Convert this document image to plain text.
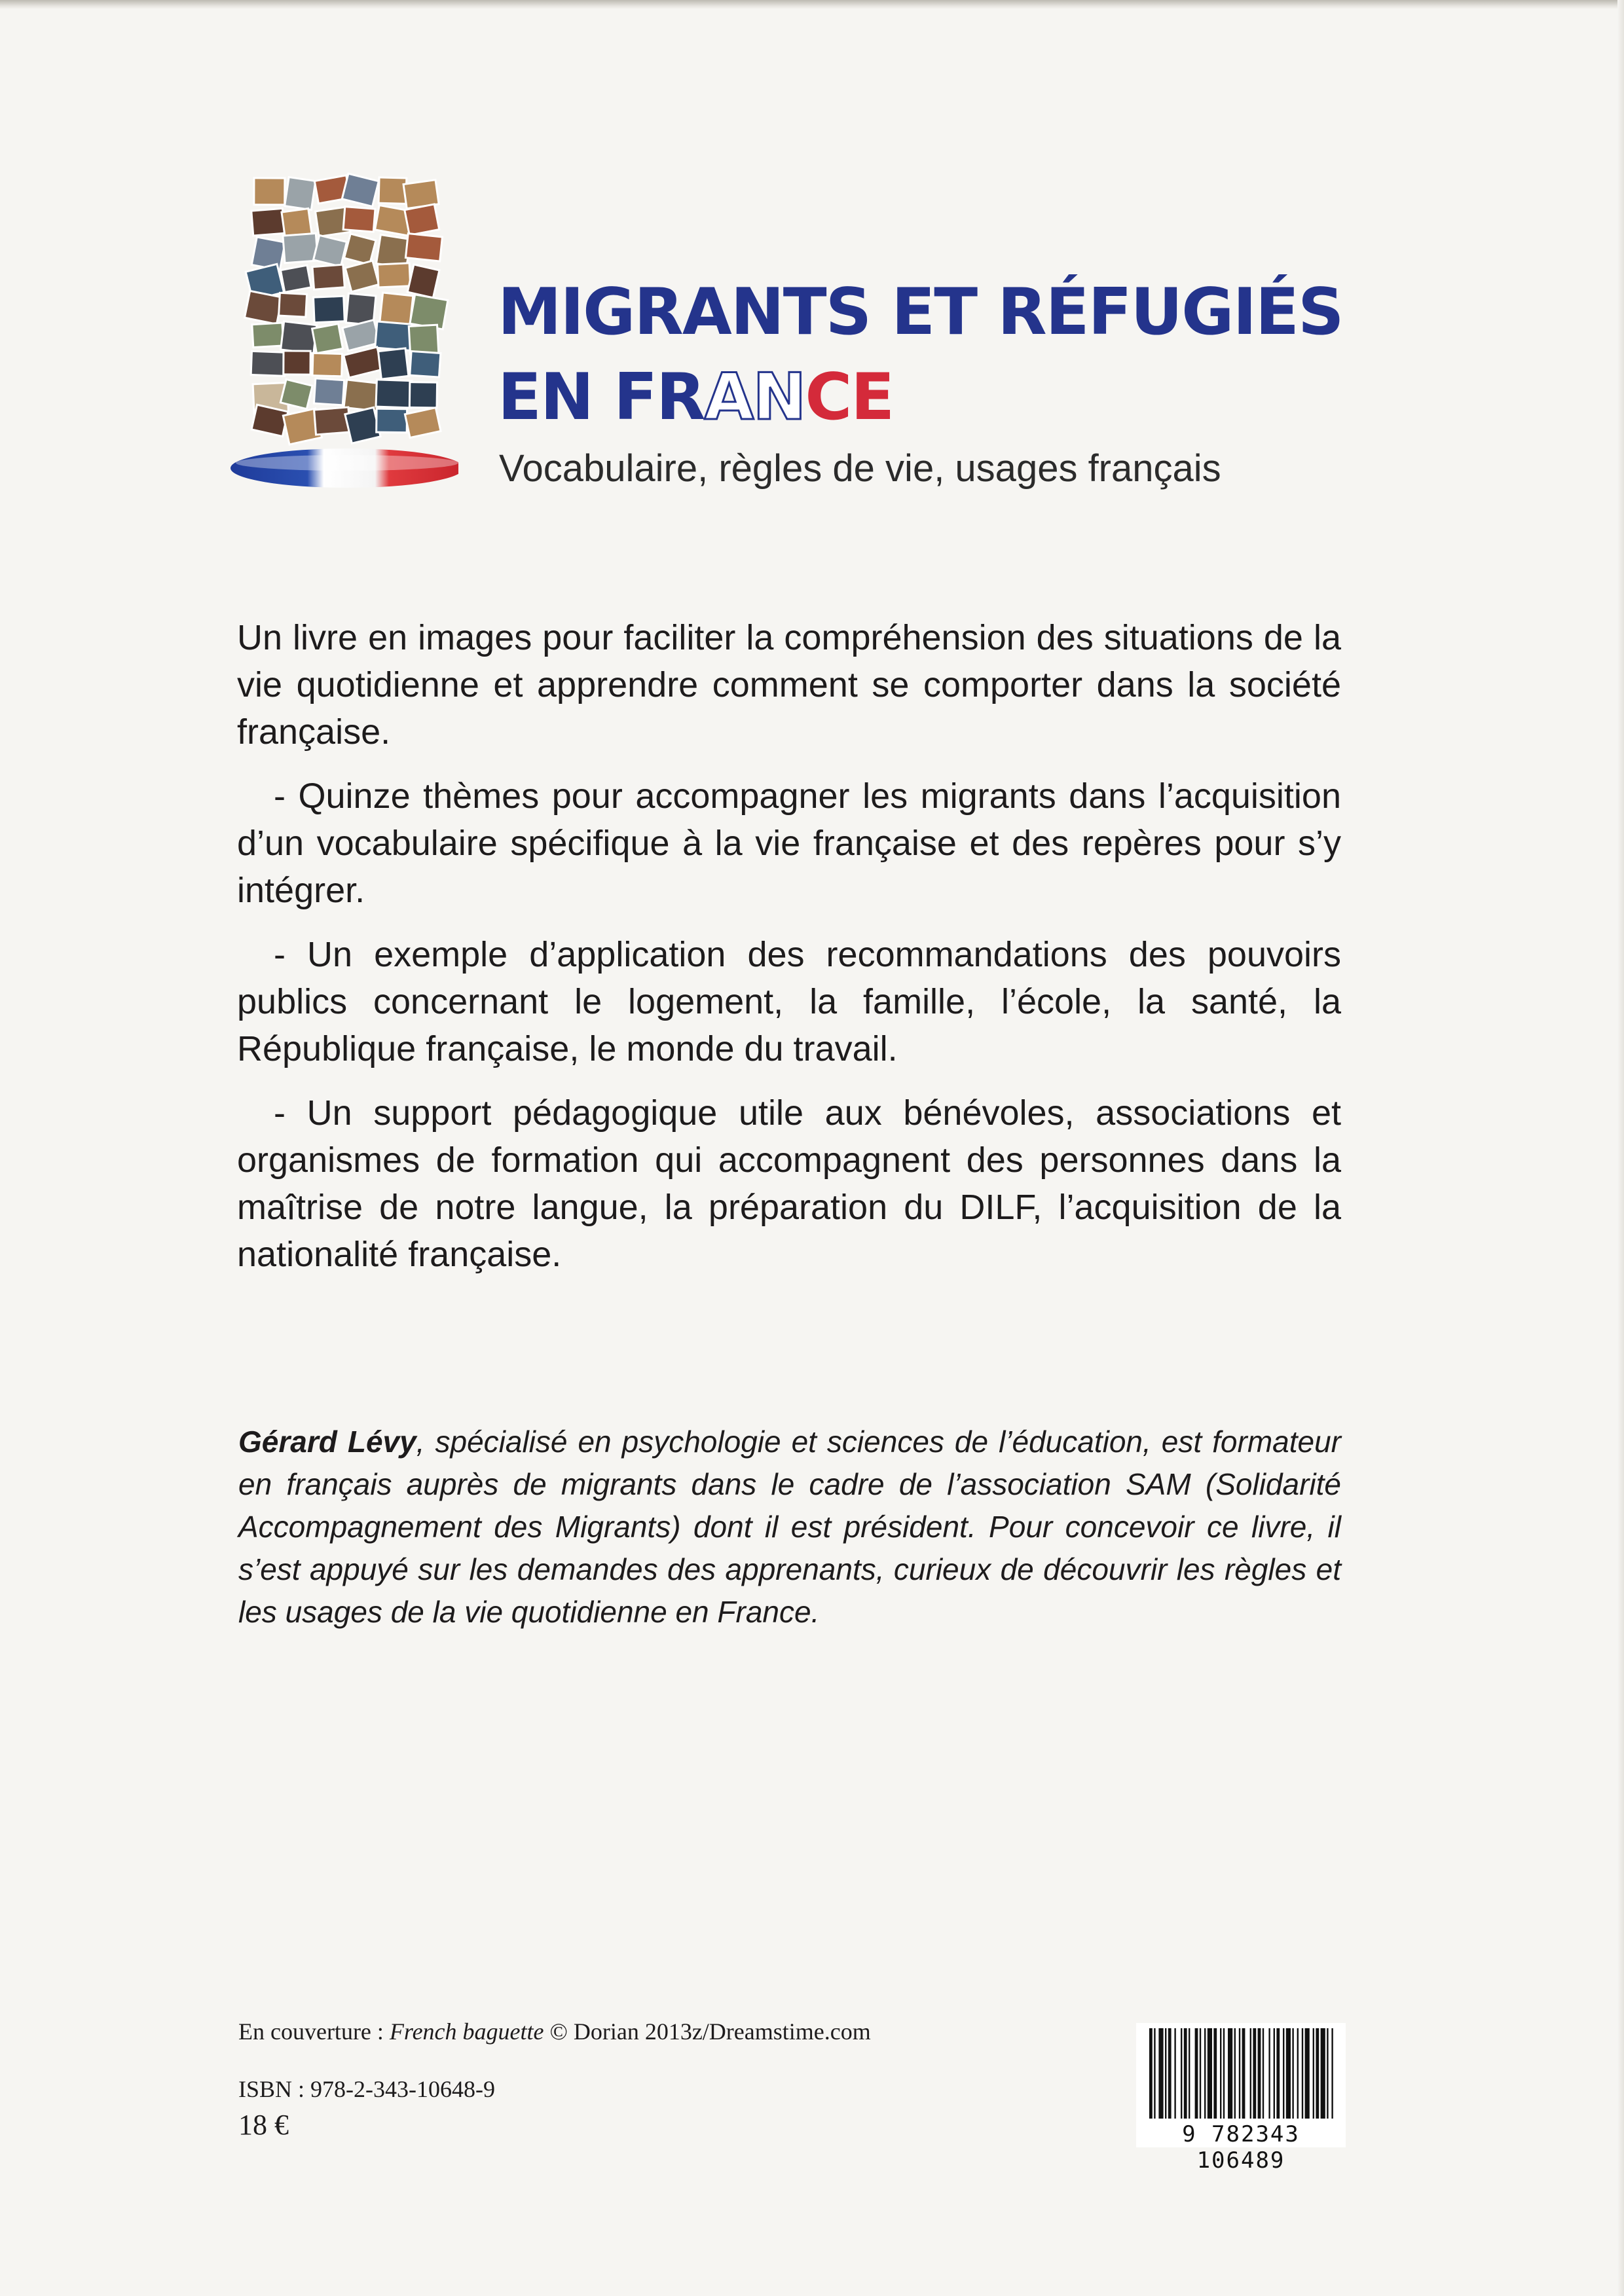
MIGRANTS ET RÉFUGIÉS
EN FRANCE
Vocabulaire, règles de vie, usages français

Un livre en images pour faciliter la compréhension des situations de la vie quotidienne et apprendre comment se comporter dans la société française.

- Quinze thèmes pour accompagner les migrants dans l’acquisition d’un vocabulaire spécifique à la vie française et des repères pour s’y intégrer.

- Un exemple d’application des recommandations des pouvoirs publics concernant le logement, la famille, l’école, la santé, la République française, le monde du travail.

- Un support pédagogique utile aux bénévoles, associations et organismes de formation qui accompagnent des personnes dans la maîtrise de notre langue, la préparation du DILF, l’acquisition de la nationalité française.

Gérard Lévy, spécialisé en psychologie et sciences de l’éducation, est formateur en français auprès de migrants dans le cadre de l’association SAM (Solidarité Accompagnement des Migrants) dont il est président. Pour concevoir ce livre, il s’est appuyé sur les demandes des apprenants, curieux de découvrir les règles et les usages de la vie quotidienne en France.

En couverture : French baguette © Dorian 2013z/Dreamstime.com
ISBN : 978-2-343-10648-9
18 €	9 782343 106489
